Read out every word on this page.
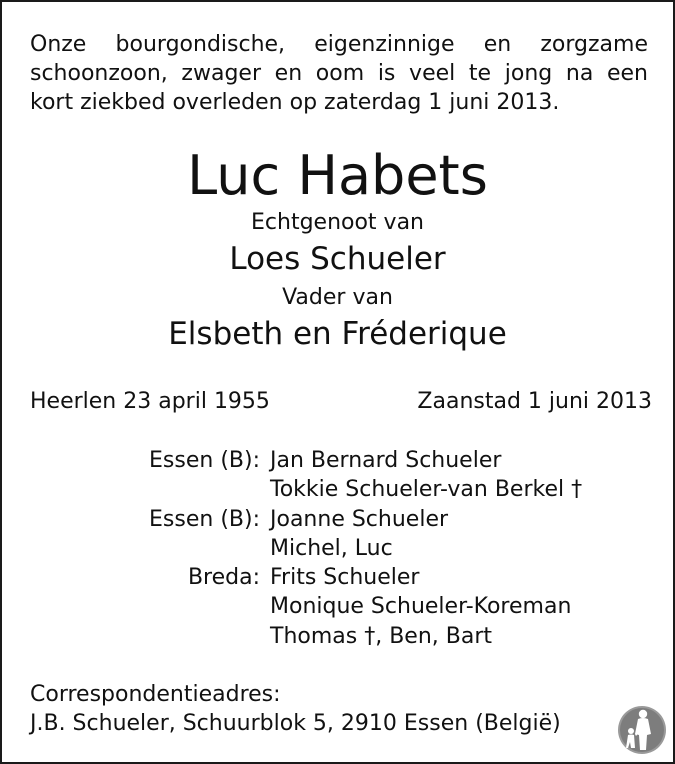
Onze bourgondische, eigenzinnige en zorgzame
schoonzoon, zwager en oom is veel te jong na een
kort ziekbed overleden op zaterdag 1 juni 2013.
Luc Habets
Echtgenoot van
Loes Schueler
Vader van
Elsbeth en Fréderique
Heerlen 23 april 1955	Zaanstad 1 juni 2013
Essen (B): Jan Bernard Schueler
Tokkie Schueler-van Berkel †
Essen (B): Joanne Schueler
Michel, Luc
Breda: Frits Schueler
Monique Schueler-Koreman
Thomas †, Ben, Bart
Correspondentieadres:
J.B. Schueler, Schuurblok 5, 2910 Essen (België)
